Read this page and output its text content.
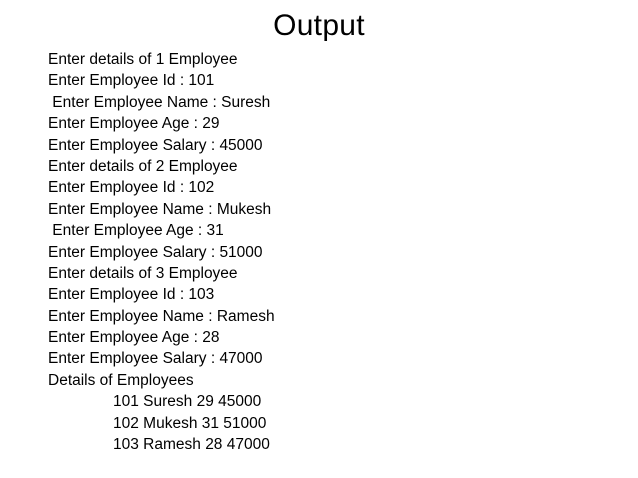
Output
Enter details of 1 Employee
Enter Employee Id : 101
Enter Employee Name : Suresh
Enter Employee Age : 29
Enter Employee Salary : 45000
Enter details of 2 Employee
Enter Employee Id : 102
Enter Employee Name : Mukesh
Enter Employee Age : 31
Enter Employee Salary : 51000
Enter details of 3 Employee
Enter Employee Id : 103
Enter Employee Name : Ramesh
Enter Employee Age : 28
Enter Employee Salary : 47000
Details of Employees
101 Suresh 29 45000
102 Mukesh 31 51000
103 Ramesh 28 47000
